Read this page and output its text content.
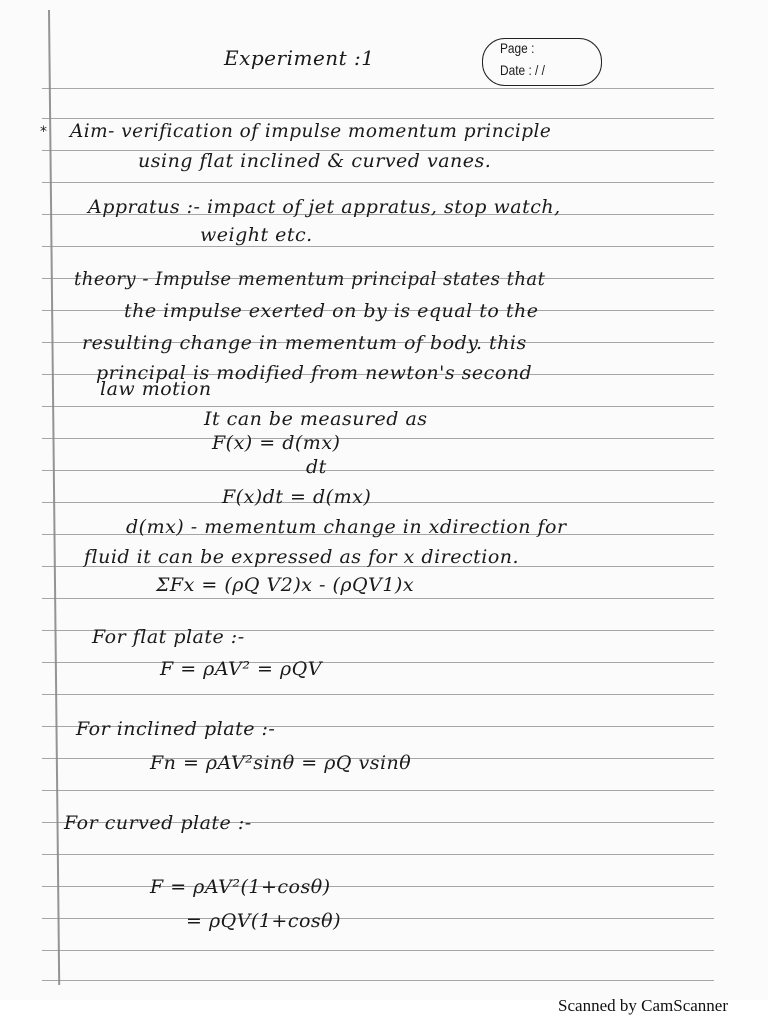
Experiment :1	Page :
Date : / /
* Aim- verification of impulse momentum principle
using flat inclined & curved vanes.
Appratus :- impact of jet appratus, stop watch,
weight etc.
theory - Impulse mementum principal states that
the impulse exerted on by is equal to the
resulting change in mementum of body. this
principal is modified from newton's second
law motion
It can be measured as
F(x) = d(mx)
dt
F(x)dt = d(mx)
d(mx) - mementum change in xdirection for
fluid it can be expressed as for x direction.
ΣFx = (ρQ V2)x - (ρQV1)x
For flat plate :-
F = ρAV² = ρQV
For inclined plate :-
Fn = ρAV²sinθ = ρQ vsinθ
For curved plate :-
F = ρAV²(1+cosθ)
= ρQV(1+cosθ)
Scanned by CamScanner
